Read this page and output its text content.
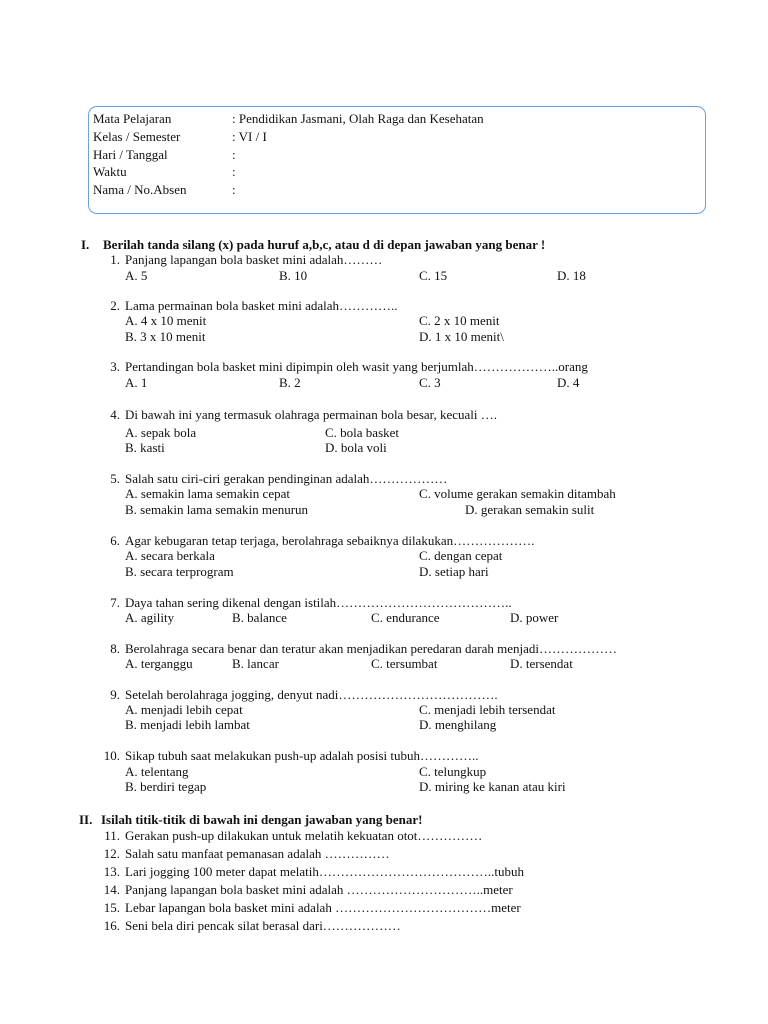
Mata Pelajaran	: Pendidikan Jasmani, Olah Raga dan Kesehatan
Kelas / Semester	: VI / I
Hari / Tanggal	:
Waktu	:
Nama / No.Absen	:
I. Berilah tanda silang (x) pada huruf a,b,c, atau d di depan jawaban yang benar !
1. Panjang lapangan bola basket mini adalah………
A. 5	B. 10	C. 15	D. 18
2. Lama permainan bola basket mini adalah…………..
A. 4 x 10 menit	C. 2 x 10 menit
B. 3 x 10 menit	D. 1 x 10 menit\
3. Pertandingan bola basket mini dipimpin oleh wasit yang berjumlah………………..orang
A. 1	B. 2	C. 3	D. 4
4. Di bawah ini yang termasuk olahraga permainan bola besar, kecuali ….
A. sepak bola	C. bola basket
B. kasti	D. bola voli
5. Salah satu ciri-ciri gerakan pendinginan adalah………………
A. semakin lama semakin cepat	C. volume gerakan semakin ditambah
B. semakin lama semakin menurun	D. gerakan semakin sulit
6. Agar kebugaran tetap terjaga, berolahraga sebaiknya dilakukan……………….
A. secara berkala	C. dengan cepat
B. secara terprogram	D. setiap hari
7. Daya tahan sering dikenal dengan istilah…………………………………..
A. agility	B. balance	C. endurance	D. power
8. Berolahraga secara benar dan teratur akan menjadikan peredaran darah menjadi………………
A. terganggu	B. lancar	C. tersumbat	D. tersendat
9. Setelah berolahraga jogging, denyut nadi……………………………….
A. menjadi lebih cepat	C. menjadi lebih tersendat
B. menjadi lebih lambat	D. menghilang
10. Sikap tubuh saat melakukan push-up adalah posisi tubuh…………..
A. telentang	C. telungkup
B. berdiri tegap	D. miring ke kanan atau kiri
II. Isilah titik-titik di bawah ini dengan jawaban yang benar!
11. Gerakan push-up dilakukan untuk melatih kekuatan otot……………
12. Salah satu manfaat pemanasan adalah ……………
13. Lari jogging 100 meter dapat melatih…………………………………..tubuh
14. Panjang lapangan bola basket mini adalah …………………………..meter
15. Lebar lapangan bola basket mini adalah ………………………………meter
16. Seni bela diri pencak silat berasal dari………………
